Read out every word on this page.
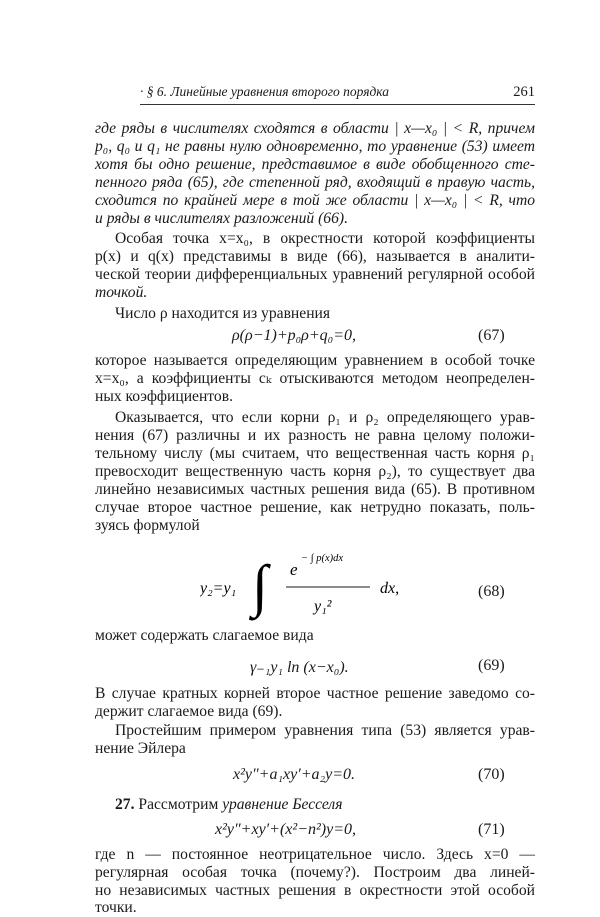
· § 6. Линейные уравнения второго порядка	261
где ряды в числителях сходятся в области | x—x₀ | < R, причем
p₀, q₀ и q₁ не равны нулю одновременно, то уравнение (53) имеет
хотя бы одно решение, представимое в виде обобщенного сте-
пенного ряда (65), где степенной ряд, входящий в правую часть,
сходится по крайней мере в той же области | x—x₀ | < R, что
и ряды в числителях разложений (66).
Особая точка x=x₀, в окрестности которой коэффициенты
p(x) и q(x) представимы в виде (66), называется в аналити-
ческой теории дифференциальных уравнений регулярной особой
точкой.
Число ρ находится из уравнения
ρ(ρ−1)+p₀ρ+q₀=0,	(67)
которое называется определяющим уравнением в особой точке
x=x₀, а коэффициенты cₖ отыскиваются методом неопределен-
ных коэффициентов.
Оказывается, что если корни ρ₁ и ρ₂ определяющего урав-
нения (67) различны и их разность не равна целому положи-
тельному числу (мы считаем, что вещественная часть корня ρ₁
превосходит вещественную часть корня ρ₂), то существует два
линейно независимых частных решения вида (65). В противном
случае второе частное решение, как нетрудно показать, поль-
зуясь формулой
y₂=y₁ ∫ e
− ∫ p(x)dx
y₁²
dx,	(68)
может содержать слагаемое вида
γ₋₁y₁ ln (x−x₀).	(69)
В случае кратных корней второе частное решение заведомо со-
держит слагаемое вида (69).
Простейшим примером уравнения типа (53) является урав-
нение Эйлера
x²y″+a₁xy′+a₂y=0.	(70)
27. Рассмотрим уравнение Бесселя
x²y″+xy′+(x²−n²)y=0,	(71)
где n — постоянное неотрицательное число. Здесь x=0 —
регулярная особая точка (почему?). Построим два линей-
но независимых частных решения в окрестности этой особой
точки.
